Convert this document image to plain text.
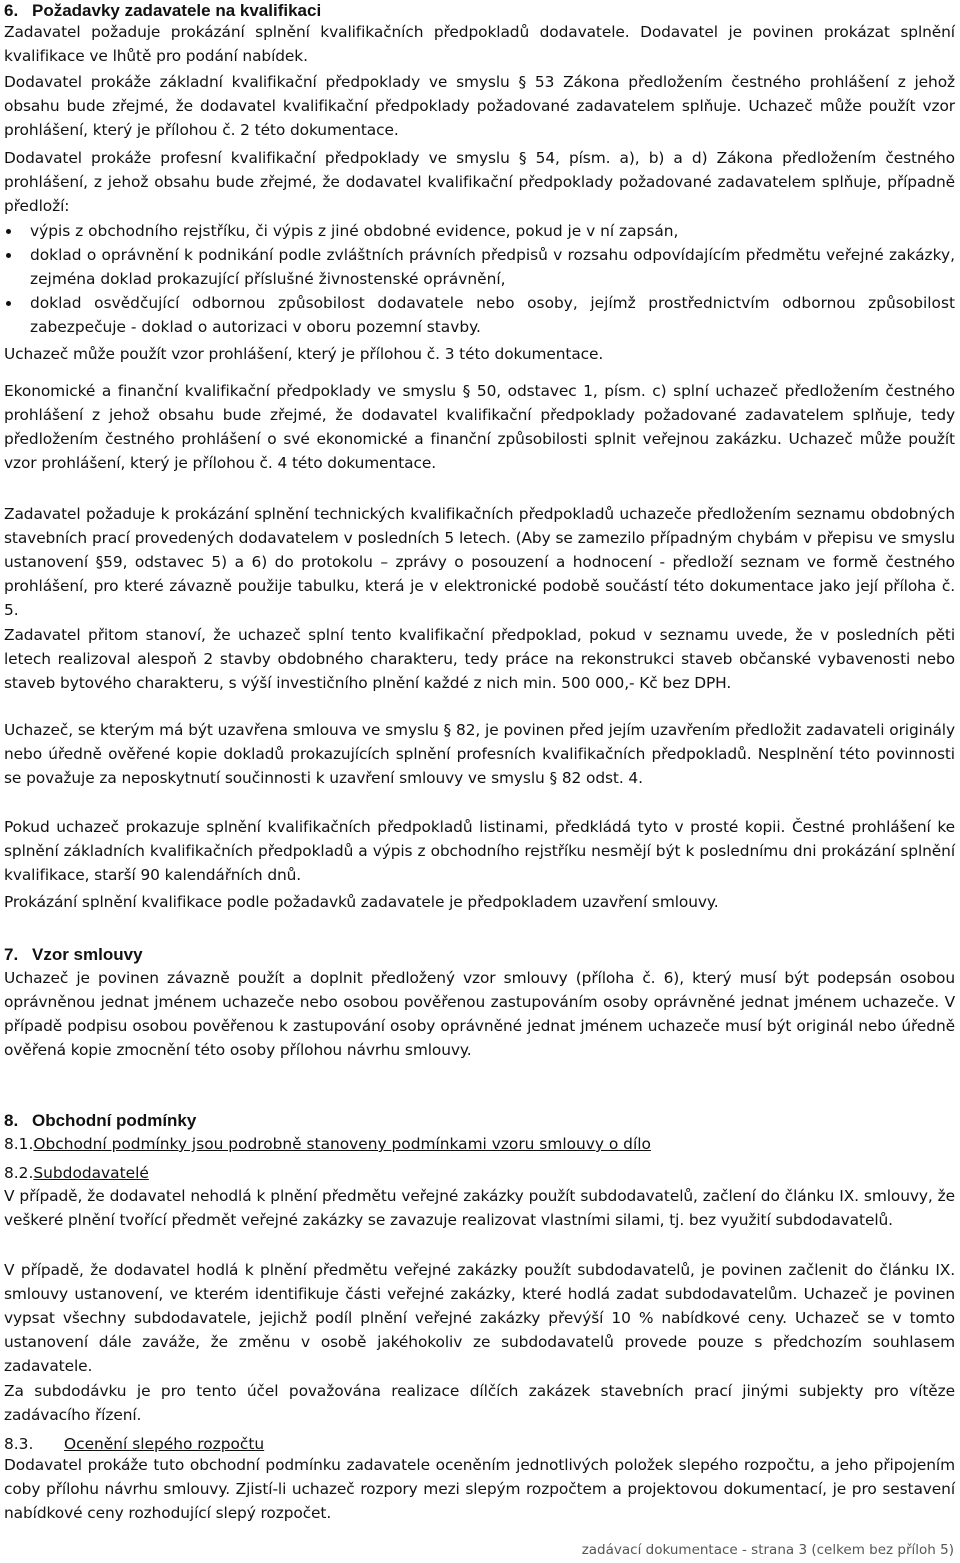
6. Požadavky zadavatele na kvalifikaci

Zadavatel požaduje prokázání splnění kvalifikačních předpokladů dodavatele. Dodavatel je povinen prokázat splnění kvalifikace ve lhůtě pro podání nabídek.

Dodavatel prokáže základní kvalifikační předpoklady ve smyslu § 53 Zákona předložením čestného prohlášení z jehož obsahu bude zřejmé, že dodavatel kvalifikační předpoklady požadované zadavatelem splňuje. Uchazeč může použít vzor prohlášení, který je přílohou č. 2 této dokumentace.

Dodavatel prokáže profesní kvalifikační předpoklady ve smyslu § 54, písm. a), b) a d) Zákona předložením čestného prohlášení, z jehož obsahu bude zřejmé, že dodavatel kvalifikační předpoklady požadované zadavatelem splňuje, případně předloží:

výpis z obchodního rejstříku, či výpis z jiné obdobné evidence, pokud je v ní zapsán,
doklad o oprávnění k podnikání podle zvláštních právních předpisů v rozsahu odpovídajícím předmětu veřejné zakázky, zejména doklad prokazující příslušné živnostenské oprávnění,
doklad osvědčující odbornou způsobilost dodavatele nebo osoby, jejímž prostřednictvím odbornou způsobilost zabezpečuje - doklad o autorizaci v oboru pozemní stavby.

Uchazeč může použít vzor prohlášení, který je přílohou č. 3 této dokumentace.

Ekonomické a finanční kvalifikační předpoklady ve smyslu § 50, odstavec 1, písm. c) splní uchazeč předložením čestného prohlášení z jehož obsahu bude zřejmé, že dodavatel kvalifikační předpoklady požadované zadavatelem splňuje, tedy předložením čestného prohlášení o své ekonomické a finanční způsobilosti splnit veřejnou zakázku. Uchazeč může použít vzor prohlášení, který je přílohou č. 4 této dokumentace.

Zadavatel požaduje k prokázání splnění technických kvalifikačních předpokladů uchazeče předložením seznamu obdobných stavebních prací provedených dodavatelem v posledních 5 letech. (Aby se zamezilo případným chybám v přepisu ve smyslu ustanovení §59, odstavec 5) a 6) do protokolu – zprávy o posouzení a hodnocení - předloží seznam ve formě čestného prohlášení, pro které závazně použije tabulku, která je v elektronické podobě součástí této dokumentace jako její příloha č. 5.

Zadavatel přitom stanoví, že uchazeč splní tento kvalifikační předpoklad, pokud v seznamu uvede, že v posledních pěti letech realizoval alespoň 2 stavby obdobného charakteru, tedy práce na rekonstrukci staveb občanské vybavenosti nebo staveb bytového charakteru, s výší investičního plnění každé z nich min. 500 000,- Kč bez DPH.

Uchazeč, se kterým má být uzavřena smlouva ve smyslu § 82, je povinen před jejím uzavřením předložit zadavateli originály nebo úředně ověřené kopie dokladů prokazujících splnění profesních kvalifikačních předpokladů. Nesplnění této povinnosti se považuje za neposkytnutí součinnosti k uzavření smlouvy ve smyslu § 82 odst. 4.

Pokud uchazeč prokazuje splnění kvalifikačních předpokladů listinami, předkládá tyto v prosté kopii. Čestné prohlášení ke splnění základních kvalifikačních předpokladů a výpis z obchodního rejstříku nesmějí být k poslednímu dni prokázání splnění kvalifikace, starší 90 kalendářních dnů.

Prokázání splnění kvalifikace podle požadavků zadavatele je předpokladem uzavření smlouvy.

7. Vzor smlouvy

Uchazeč je povinen závazně použít a doplnit předložený vzor smlouvy (příloha č. 6), který musí být podepsán osobou oprávněnou jednat jménem uchazeče nebo osobou pověřenou zastupováním osoby oprávněné jednat jménem uchazeče. V případě podpisu osobou pověřenou k zastupování osoby oprávněné jednat jménem uchazeče musí být originál nebo úředně ověřená kopie zmocnění této osoby přílohou návrhu smlouvy.

8. Obchodní podmínky

8.1.Obchodní podmínky jsou podrobně stanoveny podmínkami vzoru smlouvy o dílo

8.2.Subdodavatelé

V případě, že dodavatel nehodlá k plnění předmětu veřejné zakázky použít subdodavatelů, začlení do článku IX. smlouvy, že veškeré plnění tvořící předmět veřejné zakázky se zavazuje realizovat vlastními silami, tj. bez využití subdodavatelů.

V případě, že dodavatel hodlá k plnění předmětu veřejné zakázky použít subdodavatelů, je povinen začlenit do článku IX. smlouvy ustanovení, ve kterém identifikuje části veřejné zakázky, které hodlá zadat subdodavatelům. Uchazeč je povinen vypsat všechny subdodavatele, jejichž podíl plnění veřejné zakázky převýší 10 % nabídkové ceny. Uchazeč se v tomto ustanovení dále zaváže, že změnu v osobě jakéhokoliv ze subdodavatelů provede pouze s předchozím souhlasem zadavatele.

Za subdodávku je pro tento účel považována realizace dílčích zakázek stavebních prací jinými subjekty pro vítěze zadávacího řízení.

8.3. Ocenění slepého rozpočtu

Dodavatel prokáže tuto obchodní podmínku zadavatele oceněním jednotlivých položek slepého rozpočtu, a jeho připojením coby přílohu návrhu smlouvy. Zjistí-li uchazeč rozpory mezi slepým rozpočtem a projektovou dokumentací, je pro sestavení nabídkové ceny rozhodující slepý rozpočet.

zadávací dokumentace - strana 3 (celkem bez příloh 5)
